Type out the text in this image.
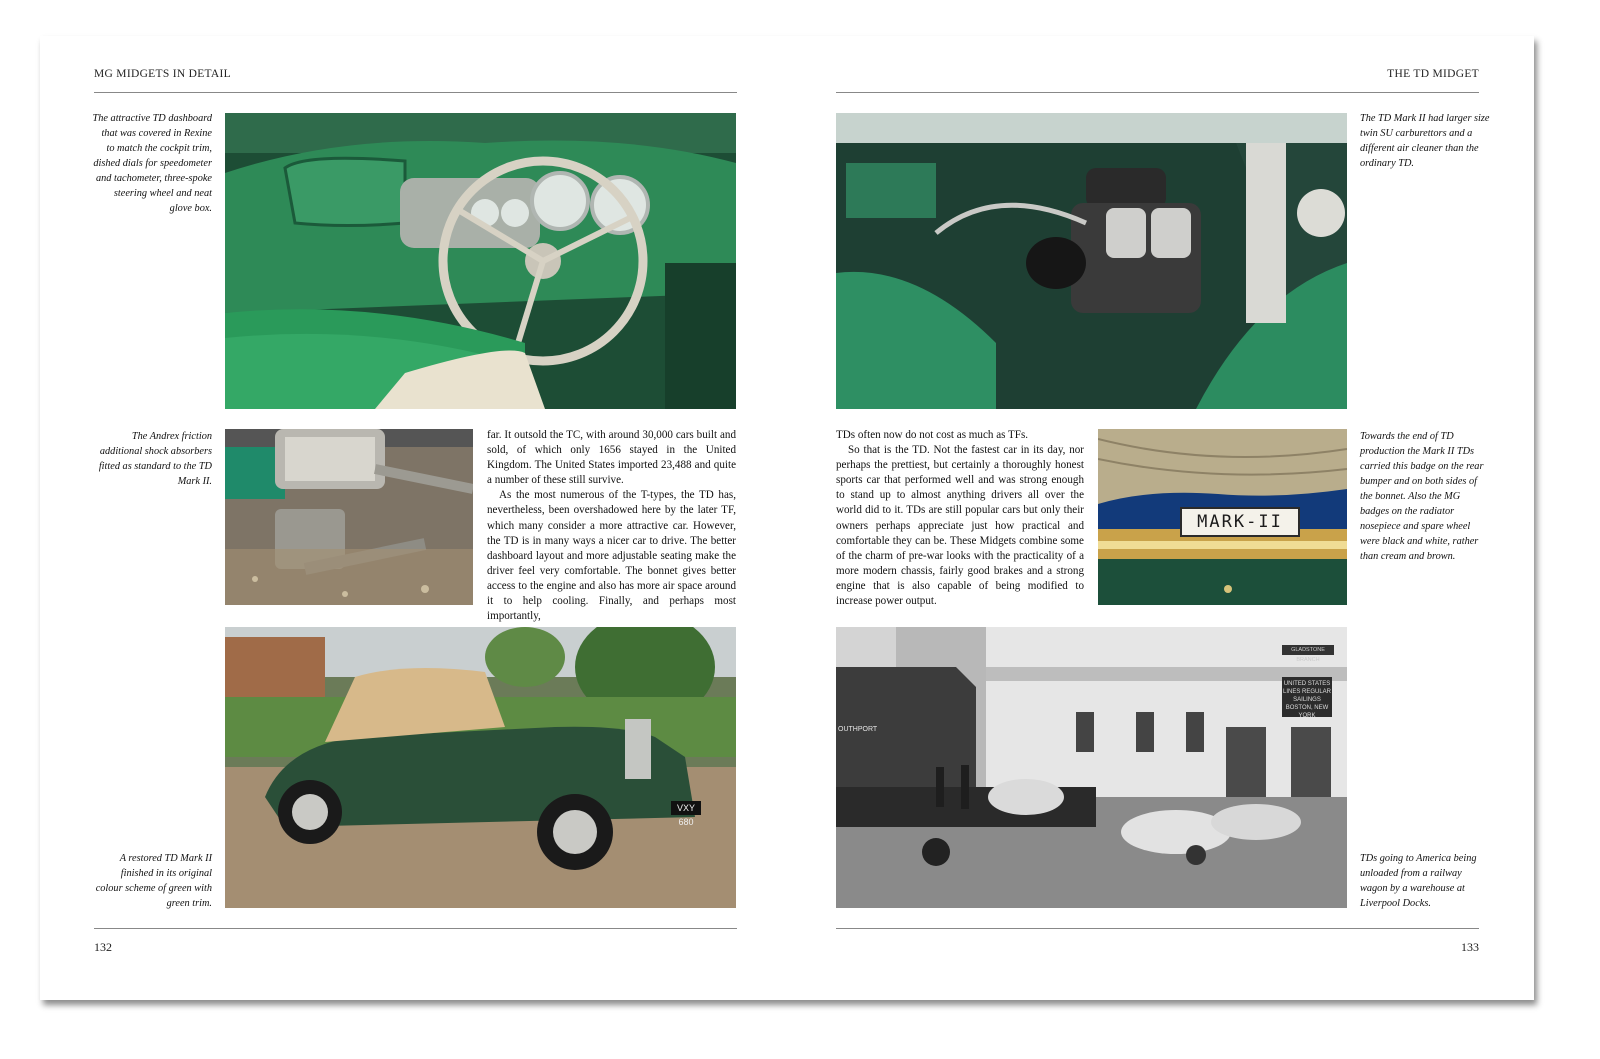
MG MIDGETS IN DETAIL
The attractive TD dashboard that was covered in Rexine to match the cockpit trim, dished dials for speedometer and tachometer, three-spoke steering wheel and neat glove box.
The Andrex friction additional shock absorbers fitted as standard to the TD Mark II.

far. It outsold the TC, with around 30,000 cars built and sold, of which only 1656 stayed in the United Kingdom. The United States imported 23,488 and quite a number of these still survive.

As the most numerous of the T-types, the TD has, nevertheless, been overshadowed here by the later TF, which many consider a more attractive car. However, the TD is in many ways a nicer car to drive. The better dashboard layout and more adjustable seating make the driver feel very comfortable. The bonnet gives better access to the engine and also has more air space around it to help cooling. Finally, and perhaps most importantly,

VXY 680
A restored TD Mark II finished in its original colour scheme of green with green trim.
132
THE TD MIDGET
The TD Mark II had larger size twin SU carburettors and a different air cleaner than the ordinary TD.

TDs often now do not cost as much as TFs.

So that is the TD. Not the fastest car in its day, nor perhaps the prettiest, but certainly a thoroughly honest sports car that performed well and was strong enough to stand up to almost anything drivers all over the world did to it. TDs are still popular cars but only their owners perhaps appreciate just how practical and comfortable they can be. These Midgets combine some of the charm of pre-war looks with the practicality of a more modern chassis, fairly good brakes and a strong engine that is also capable of being modified to increase power output.

MARK-II
Towards the end of TD production the Mark II TDs carried this badge on the rear bumper and on both sides of the bonnet. Also the MG badges on the radiator nosepiece and spare wheel were black and white, rather than cream and brown.
OUTHPORT
GLADSTONE BRANCH
UNITED STATES LINES REGULAR SAILINGS BOSTON, NEW YORK
TDs going to America being unloaded from a railway wagon by a warehouse at Liverpool Docks.
133
